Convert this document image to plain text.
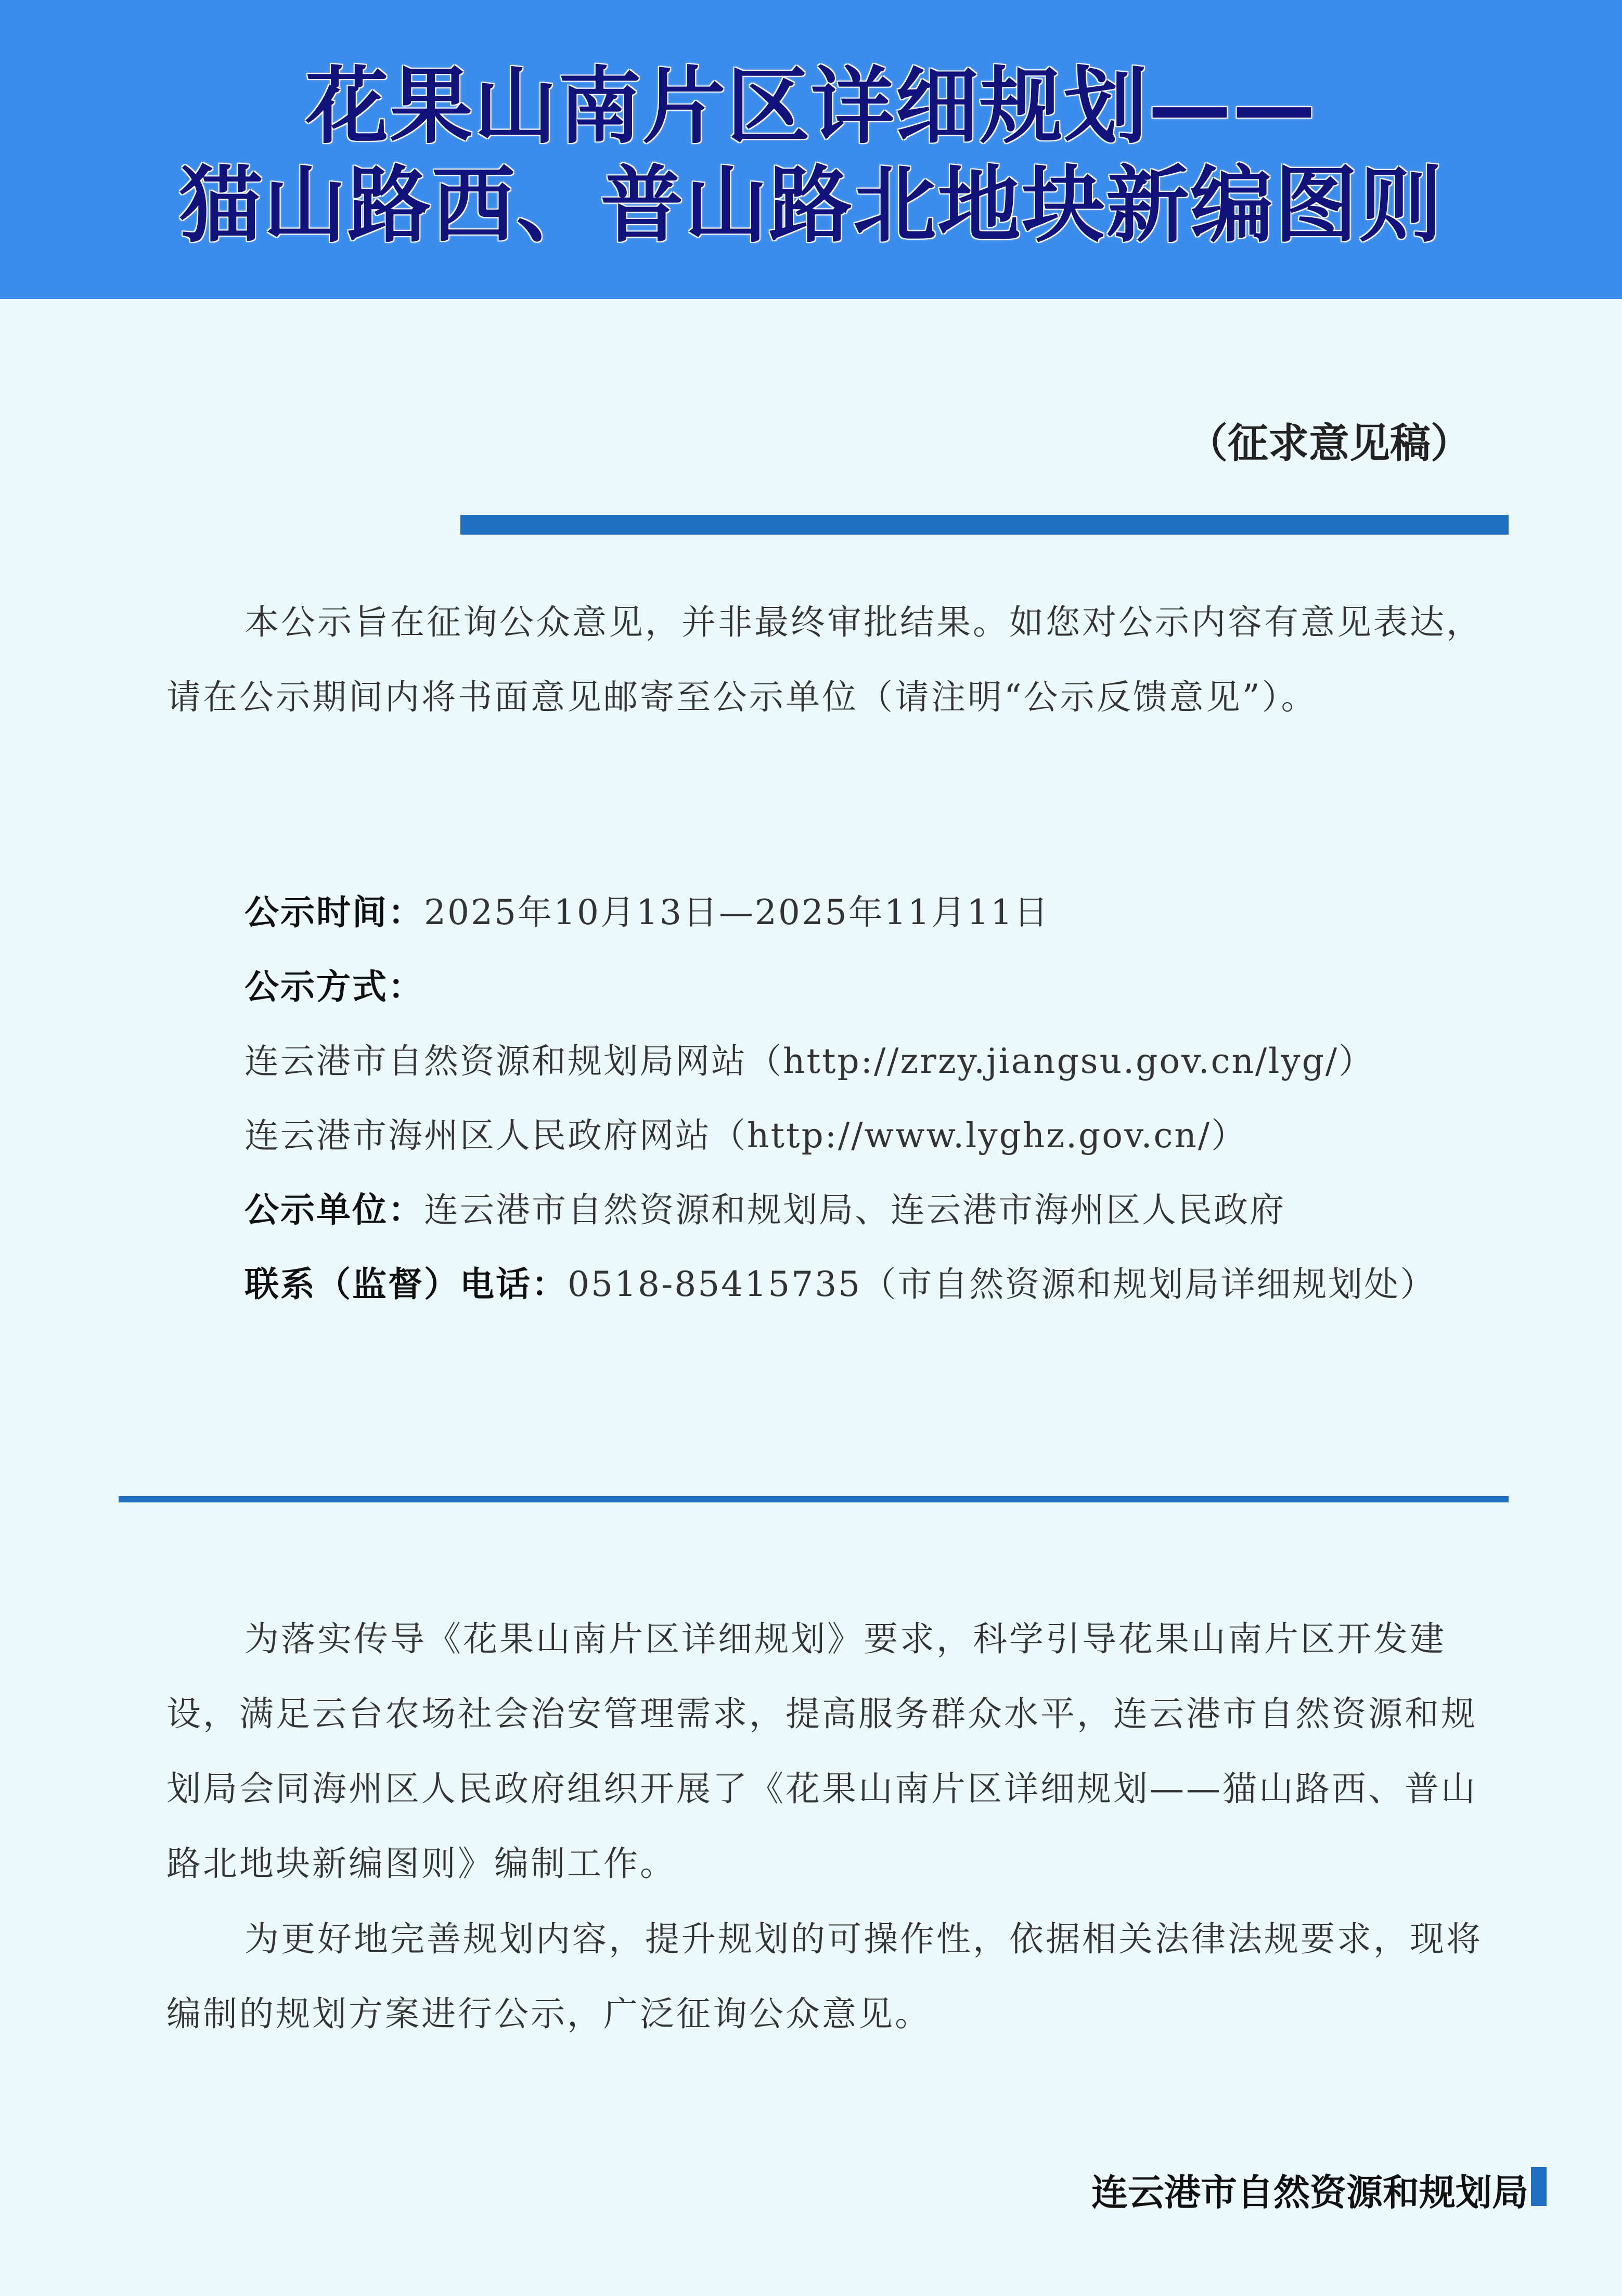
花果山南片区详细规划——
猫山路西、普山路北地块新编图则
（征求意见稿）
本公示旨在征询公众意见，并非最终审批结果。如您对公示内容有意见表达，请在公示期间内将书面意见邮寄至公示单位（请注明“公示反馈意见”）。
公示时间：2025年10月13日—2025年11月11日
公示方式：
连云港市自然资源和规划局网站（http://zrzy.jiangsu.gov.cn/lyg/）
连云港市海州区人民政府网站（http://www.lyghz.gov.cn/）
公示单位：连云港市自然资源和规划局、连云港市海州区人民政府
联系（监督）电话：0518-85415735（市自然资源和规划局详细规划处）
为落实传导《花果山南片区详细规划》要求，科学引导花果山南片区开发建设，满足云台农场社会治安管理需求，提高服务群众水平，连云港市自然资源和规划局会同海州区人民政府组织开展了《花果山南片区详细规划——猫山路西、普山路北地块新编图则》编制工作。
为更好地完善规划内容，提升规划的可操作性，依据相关法律法规要求，现将编制的规划方案进行公示，广泛征询公众意见。
连云港市自然资源和规划局
